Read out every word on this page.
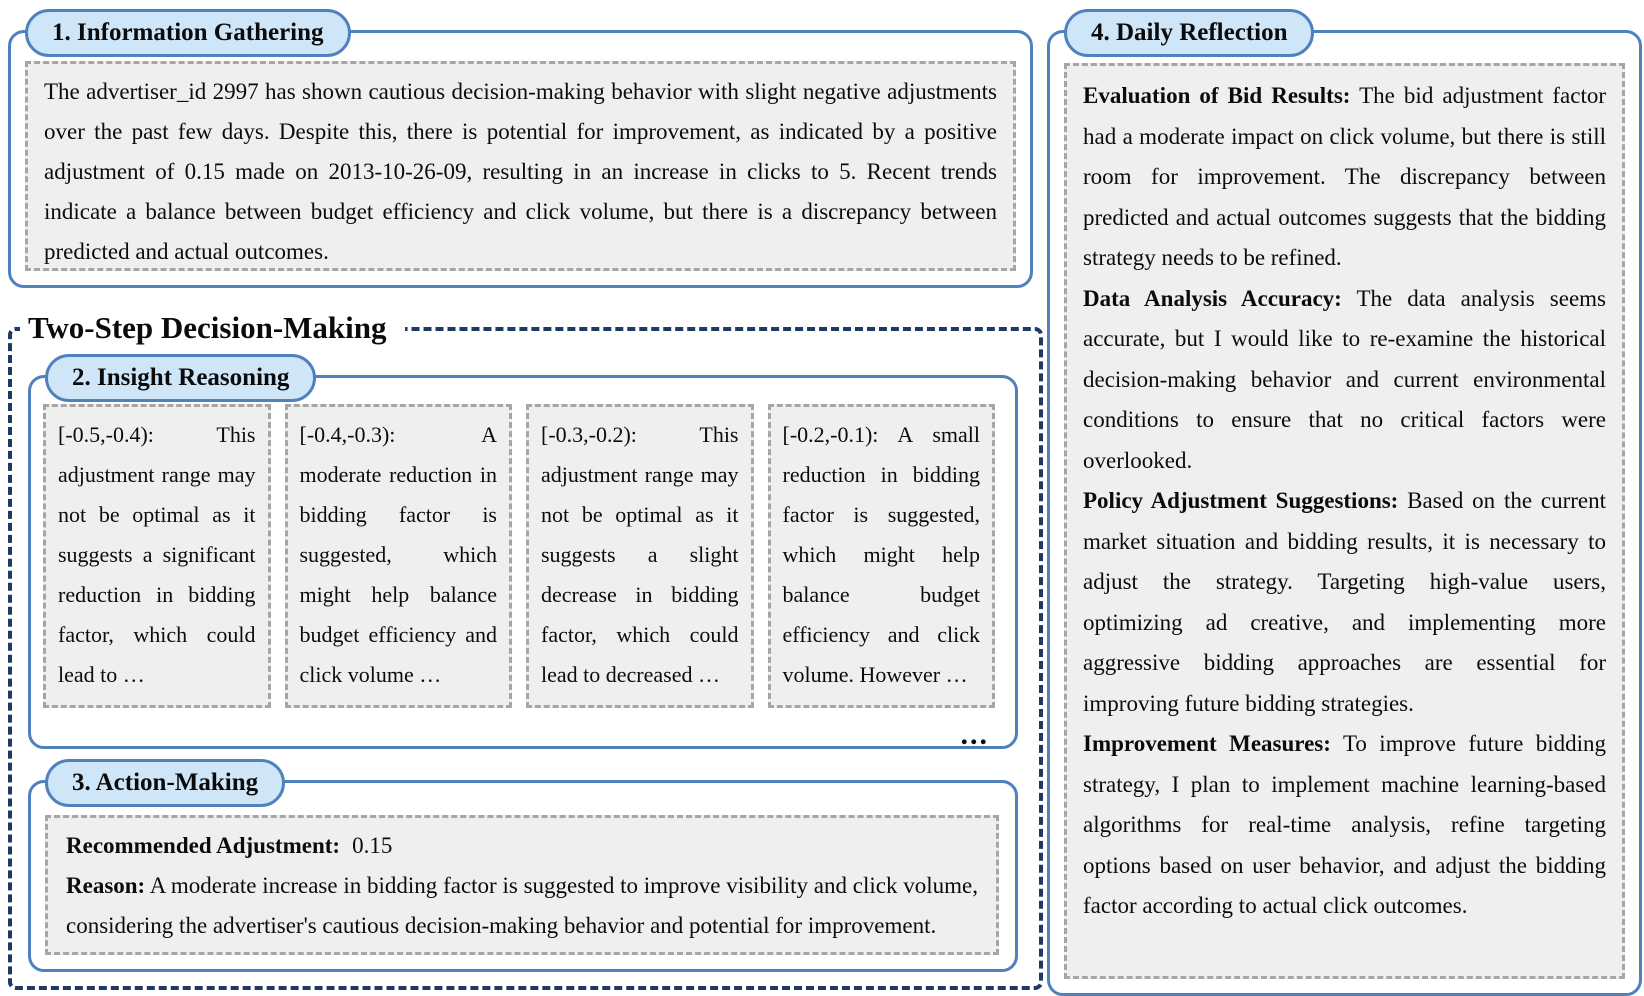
1. Information Gathering

The advertiser_id 2997 has shown cautious decision-making behavior with slight negative adjustments over the past few days. Despite this, there is potential for improvement, as indicated by a positive adjustment of 0.15 made on 2013-10-26-09, resulting in an increase in clicks to 5. Recent trends indicate a balance between budget efficiency and click volume, but there is a discrepancy between predicted and actual outcomes.

Two-Step Decision-Making
2. Insight Reasoning

[-0.5,-0.4): This adjustment range may not be optimal as it suggests a significant reduction in bidding factor, which could lead to …

[-0.4,-0.3): A moderate reduction in bidding factor is suggested, which might help balance budget efficiency and click volume …

[-0.3,-0.2): This adjustment range may not be optimal as it suggests a slight decrease in bidding factor, which could lead to decreased …

[-0.2,-0.1): A small reduction in bidding factor is suggested, which might help balance budget efficiency and click volume. However …

...
3. Action-Making

Recommended Adjustment: 0.15

Reason: A moderate increase in bidding factor is suggested to improve visibility and click volume, considering the advertiser's cautious decision-making behavior and potential for improvement.

4. Daily Reflection

Evaluation of Bid Results: The bid adjustment factor had a moderate impact on click volume, but there is still room for improvement. The discrepancy between predicted and actual outcomes suggests that the bidding strategy needs to be refined.

Data Analysis Accuracy: The data analysis seems accurate, but I would like to re-examine the historical decision-making behavior and current environmental conditions to ensure that no critical factors were overlooked.

Policy Adjustment Suggestions: Based on the current market situation and bidding results, it is necessary to adjust the strategy. Targeting high-value users, optimizing ad creative, and implementing more aggressive bidding approaches are essential for improving future bidding strategies.

Improvement Measures: To improve future bidding strategy, I plan to implement machine learning-based algorithms for real-time analysis, refine targeting options based on user behavior, and adjust the bidding factor according to actual click outcomes.
